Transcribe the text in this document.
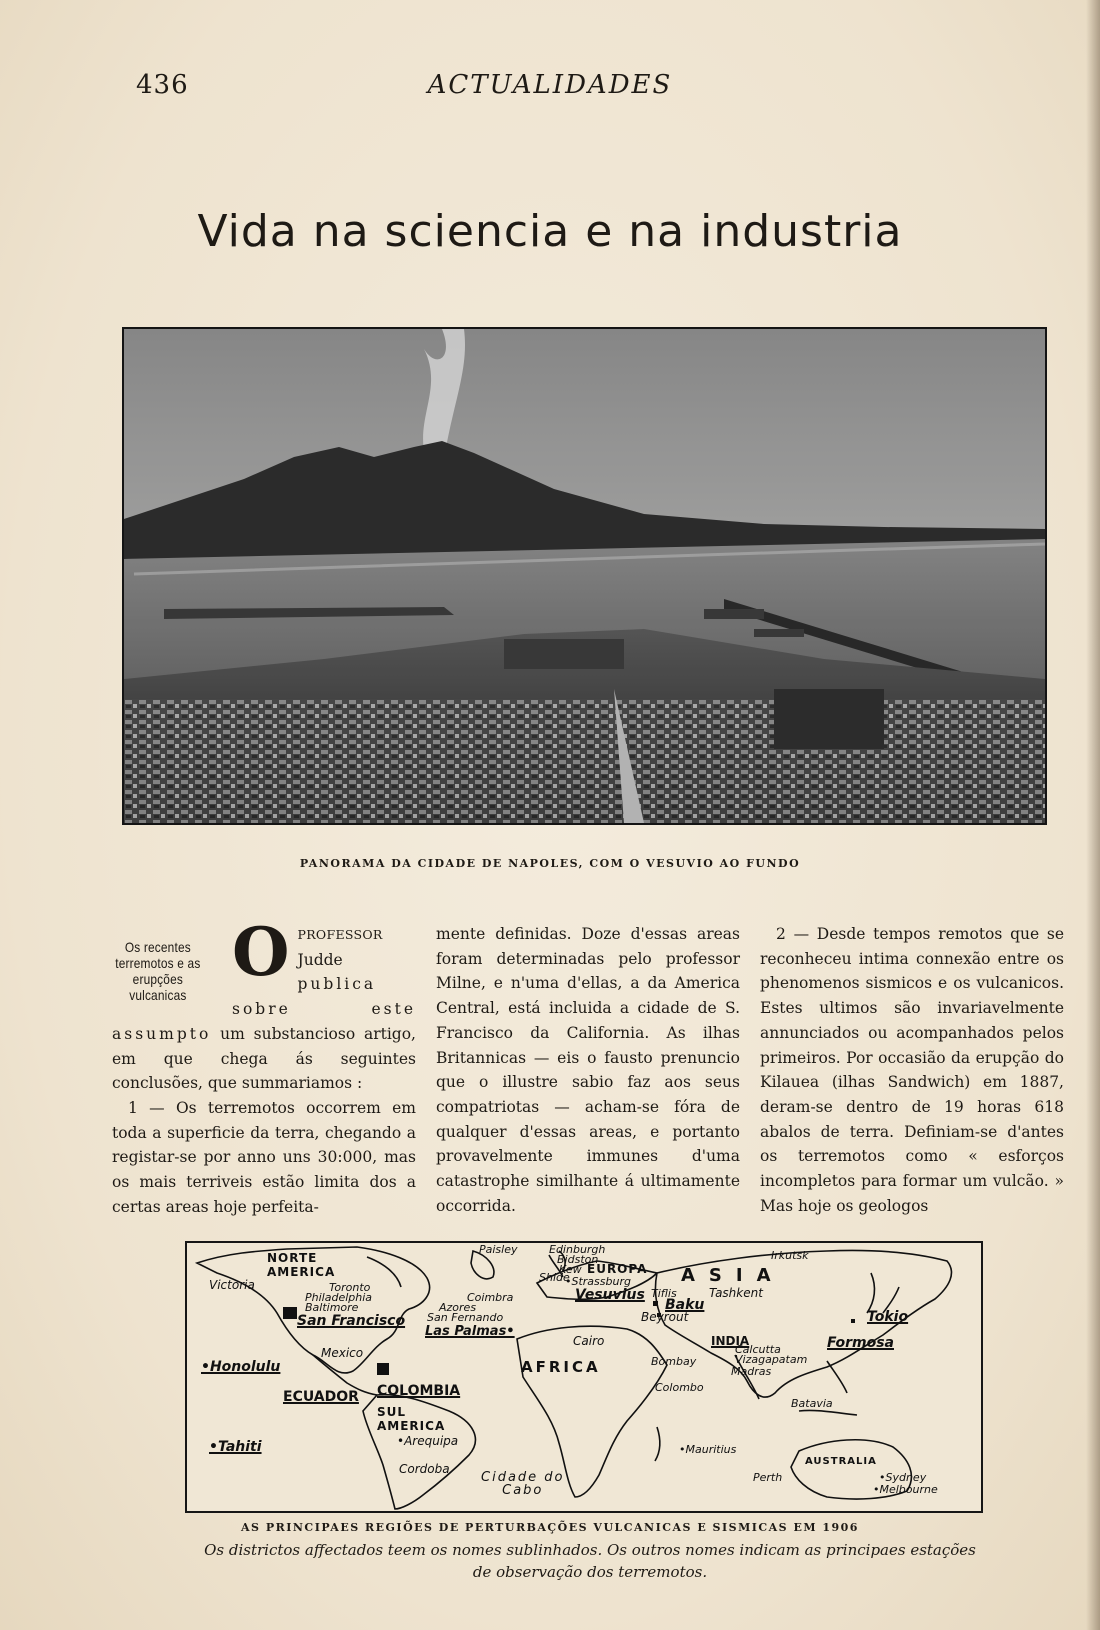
436	ACTUALIDADES
Vida na sciencia e na industria
PANORAMA DA CIDADE DE NAPOLES, COM O VESUVIO AO FUNDO
Os recentes terremotos e as erupções vulcanicas
O PROFESSOR Judde publica sobre este assumpto um substancioso artigo, em que chega ás seguintes conclusões, que summariamos :

1 — Os terremotos occorrem em toda a superficie da terra, chegando a registar-se por anno uns 30:000, mas os mais terriveis estão limita dos a certas areas hoje perfeita-

mente definidas. Doze d'essas areas foram determinadas pelo professor Milne, e n'uma d'ellas, a da America Central, está incluida a cidade de S. Francisco da California. As ilhas Britannicas — eis o fausto prenuncio que o illustre sabio faz aos seus compatriotas — acham-se fóra de qualquer d'essas areas, e portanto provavelmente immunes d'uma catastrophe similhante á ultimamente occorrida.

2 — Desde tempos remotos que se reconheceu intima connexão entre os phenomenos sismicos e os vulcanicos. Estes ultimos são invariavelmente annunciados ou acompanhados pelos primeiros. Por occasião da erupção do Kilauea (ilhas Sandwich) em 1887, deram-se dentro de 19 horas 618 abalos de terra. Definiam-se d'antes os terremotos como « esforços incompletos para formar um vulcão. » Mas hoje os geologos

NORTE
AMERICA
Victoria	Toronto
Philadelphia
Baltimore
San Francisco
•Honolulu
Mexico
ECUADOR COLOMBIA
SUL
AMERICA
•Arequipa
•Tahiti
Cordoba
Paisley	Edinburgh
Bidston
Kew
Shide
EUROPA
•Strassburg
Vesuvius
Coimbra
Azores
San Fernando
Las Palmas•
Cairo
AFRICA
Cidade do
Cabo
ASIA
Tiflis	Tashkent
Baku
Beyrout
Irkutsk
Tokio
Formosa
INDIA
Bombay
Calcutta
Vizagapatam
Madras
Colombo
Batavia
•Mauritius
AUSTRALIA
Perth	•Sydney
•Melbourne
AS PRINCIPAES REGIÕES DE PERTURBAÇÕES VULCANICAS E SISMICAS EM 1906
Os districtos affectados teem os nomes sublinhados. Os outros nomes indicam as principaes estações de observação dos terremotos.
